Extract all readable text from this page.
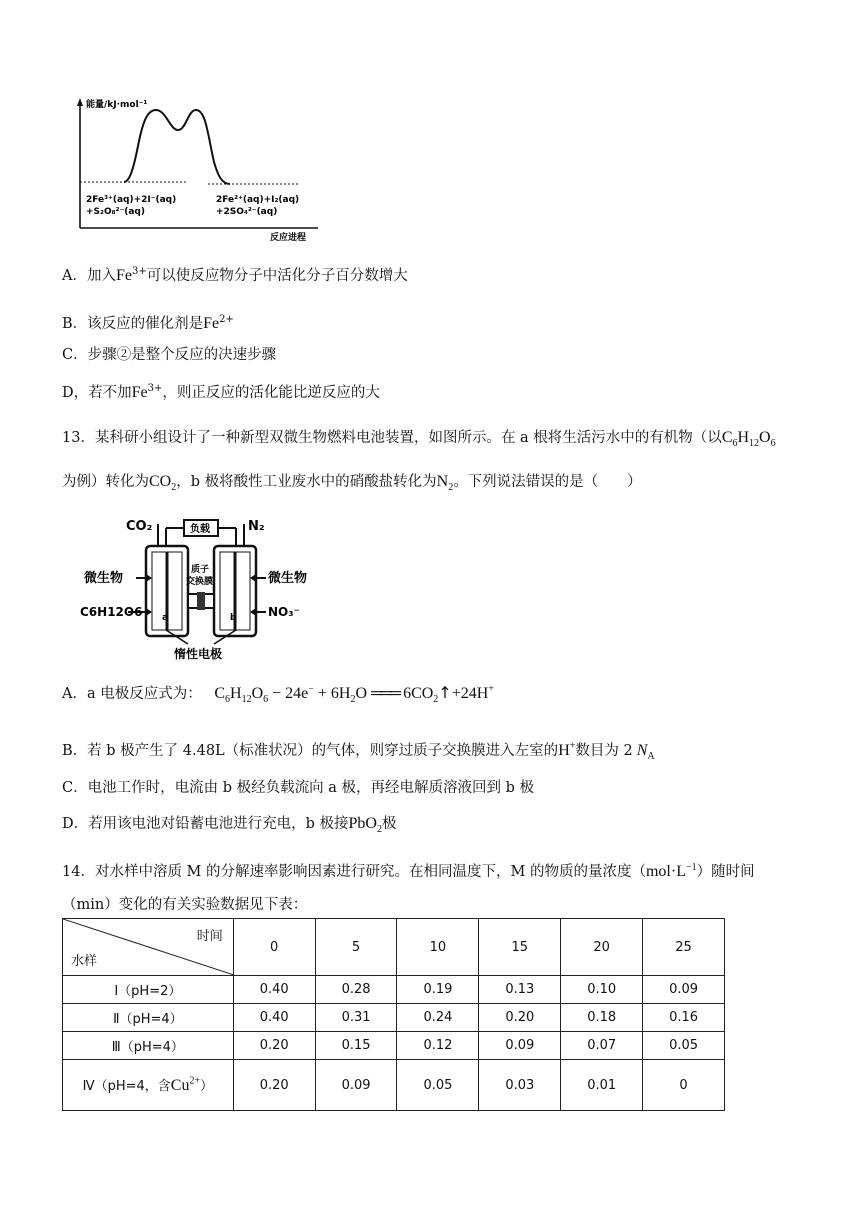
能量/kJ·mol⁻¹
2Fe³⁺(aq)+2I⁻(aq)
+S₂O₈²⁻(aq)
2Fe²⁺(aq)+I₂(aq)
+2SO₄²⁻(aq)
反应进程
A．加入$Fe^{3+}$可以使反应物分子中活化分子百分数增大
B．该反应的催化剂是$Fe^{2+}$
C．步骤②是整个反应的决速步骤
D，若不加$Fe^{3+}$，则正反应的活化能比逆反应的大
13．某科研小组设计了一种新型双微生物燃料电池装置，如图所示。在 a 根将生活污水中的有机物（以$C_6H_{12}O_6$
为例）转化为$CO_2$，b 极将酸性工业废水中的硝酸盐转化为$N_2$。下列说法错误的是（　　）
CO₂	N₂
负载
质子
交换膜
微生物	微生物
C6H12O6	NO₃⁻
a	b
惰性电极
A．a 电极反应式为： $C_6H_{12}O_6 - 24e^- + 6H_2O$ ═══ $6CO_2↑+24H^+$
B．若 b 极产生了 4.48L（标准状况）的气体，则穿过质子交换膜进入左室的H+数目为 2 $N_A$
C．电池工作时，电流由 b 极经负载流向 a 极，再经电解质溶液回到 b 极
D．若用该电池对铅蓄电池进行充电，b 极接PbO$_2$极
14．对水样中溶质 M 的分解速率影响因素进行研究。在相同温度下，M 的物质的量浓度$(mol\cdot L^{-1})$随时间
（min）变化的有关实验数据见下表：
时间
水样	0	5	10	15	20	25
Ⅰ（pH=2）	0.40	0.28	0.19	0.13	0.10	0.09
Ⅱ（pH=4）	0.40	0.31	0.24	0.20	0.18	0.16
Ⅲ（pH=4）	0.20	0.15	0.12	0.09	0.07	0.05
Ⅳ（pH=4，含$Cu^{2+}$）	0.20	0.09	0.05	0.03	0.01	0
